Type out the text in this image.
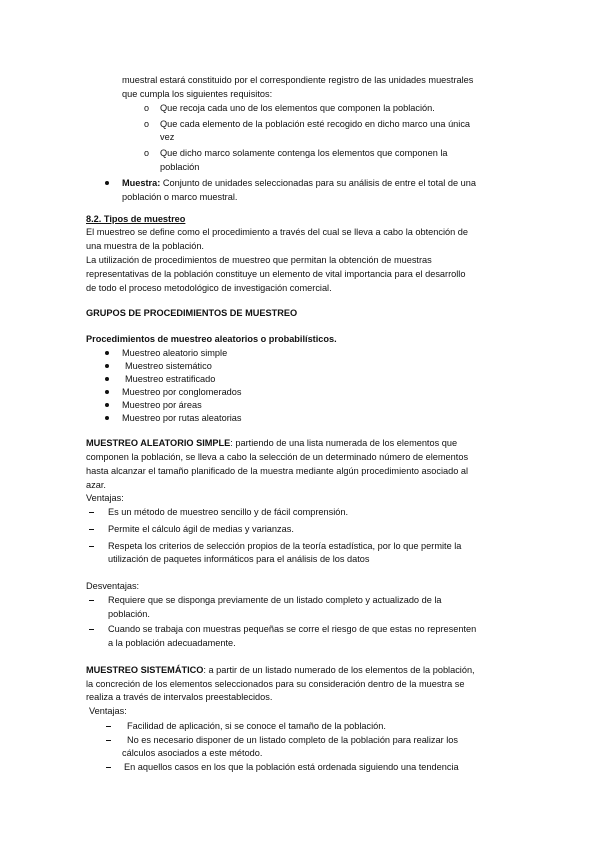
muestral estará constituido por el correspondiente registro de las unidades muestrales
que cumpla los siguientes requisitos:
o Que recoja cada uno de los elementos que componen la población.
o Que cada elemento de la población esté recogido en dicho marco una única
vez
o Que dicho marco solamente contenga los elementos que componen la
población
Muestra: Conjunto de unidades seleccionadas para su análisis de entre el total de una
población o marco muestral.
8.2. Tipos de muestreo
El muestreo se define como el procedimiento a través del cual se lleva a cabo la obtención de
una muestra de la población.
La utilización de procedimientos de muestreo que permitan la obtención de muestras
representativas de la población constituye un elemento de vital importancia para el desarrollo
de todo el proceso metodológico de investigación comercial.
GRUPOS DE PROCEDIMIENTOS DE MUESTREO
Procedimientos de muestreo aleatorios o probabilísticos.
Muestreo aleatorio simple
Muestreo sistemático
Muestreo estratificado
Muestreo por conglomerados
Muestreo por áreas
Muestreo por rutas aleatorias
MUESTREO ALEATORIO SIMPLE: partiendo de una lista numerada de los elementos que
componen la población, se lleva a cabo la selección de un determinado número de elementos
hasta alcanzar el tamaño planificado de la muestra mediante algún procedimiento asociado al
azar.
Ventajas:
Es un método de muestreo sencillo y de fácil comprensión.
Permite el cálculo ágil de medias y varianzas.
Respeta los criterios de selección propios de la teoría estadística, por lo que permite la
utilización de paquetes informáticos para el análisis de los datos
Desventajas:
Requiere que se disponga previamente de un listado completo y actualizado de la
población.
Cuando se trabaja con muestras pequeñas se corre el riesgo de que estas no representen
a la población adecuadamente.
MUESTREO SISTEMÁTICO: a partir de un listado numerado de los elementos de la población,
la concreción de los elementos seleccionados para su consideración dentro de la muestra se
realiza a través de intervalos preestablecidos.
Ventajas:
Facilidad de aplicación, si se conoce el tamaño de la población.
No es necesario disponer de un listado completo de la población para realizar los
cálculos asociados a este método.
En aquellos casos en los que la población está ordenada siguiendo una tendencia
